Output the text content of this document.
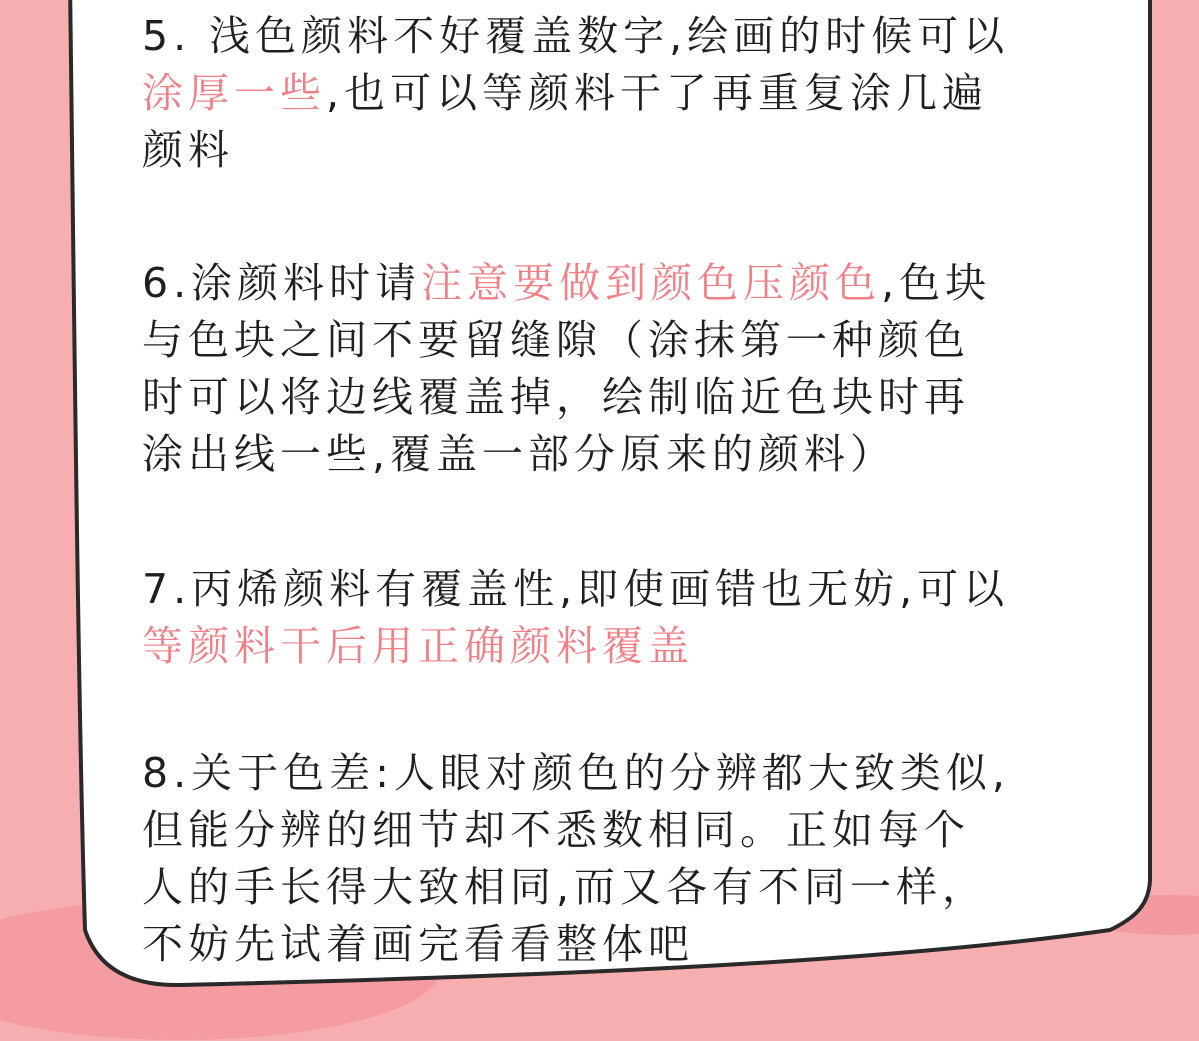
5. 浅色颜料不好覆盖数字,绘画的时候可以
涂厚一些,也可以等颜料干了再重复涂几遍
颜料
6.涂颜料时请注意要做到颜色压颜色,色块
与色块之间不要留缝隙（涂抹第一种颜色
时可以将边线覆盖掉，绘制临近色块时再
涂出线一些,覆盖一部分原来的颜料）
7.丙烯颜料有覆盖性,即使画错也无妨,可以
等颜料干后用正确颜料覆盖
8.关于色差:人眼对颜色的分辨都大致类似,
但能分辨的细节却不悉数相同。正如每个
人的手长得大致相同,而又各有不同一样，
不妨先试着画完看看整体吧
